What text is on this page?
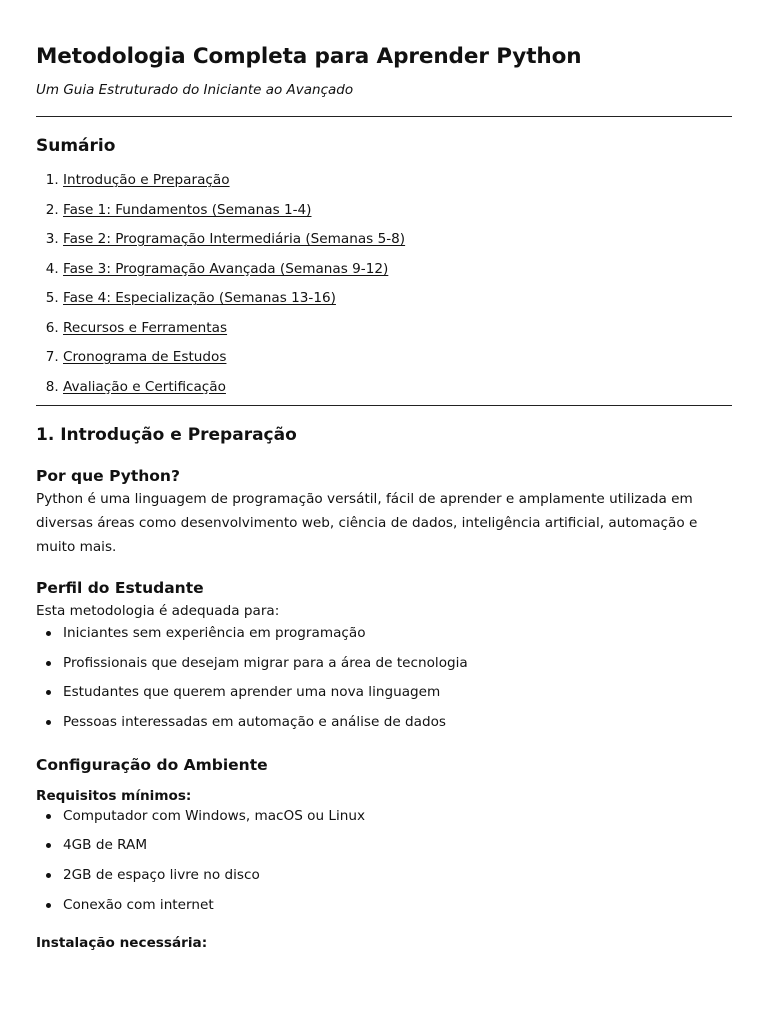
Metodologia Completa para Aprender Python

Um Guia Estruturado do Iniciante ao Avançado

Sumário
1. Introdução e Preparação
2. Fase 1: Fundamentos (Semanas 1-4)
3. Fase 2: Programação Intermediária (Semanas 5-8)
4. Fase 3: Programação Avançada (Semanas 9-12)
5. Fase 4: Especialização (Semanas 13-16)
6. Recursos e Ferramentas
7. Cronograma de Estudos
8. Avaliação e Certificação
1. Introdução e Preparação
Por que Python?

Python é uma linguagem de programação versátil, fácil de aprender e amplamente utilizada em diversas áreas como desenvolvimento web, ciência de dados, inteligência artificial, automação e muito mais.

Perfil do Estudante

Esta metodologia é adequada para:

Iniciantes sem experiência em programação
Profissionais que desejam migrar para a área de tecnologia
Estudantes que querem aprender uma nova linguagem
Pessoas interessadas em automação e análise de dados
Configuração do Ambiente

Requisitos mínimos:

Computador com Windows, macOS ou Linux
4GB de RAM
2GB de espaço livre no disco
Conexão com internet

Instalação necessária:
